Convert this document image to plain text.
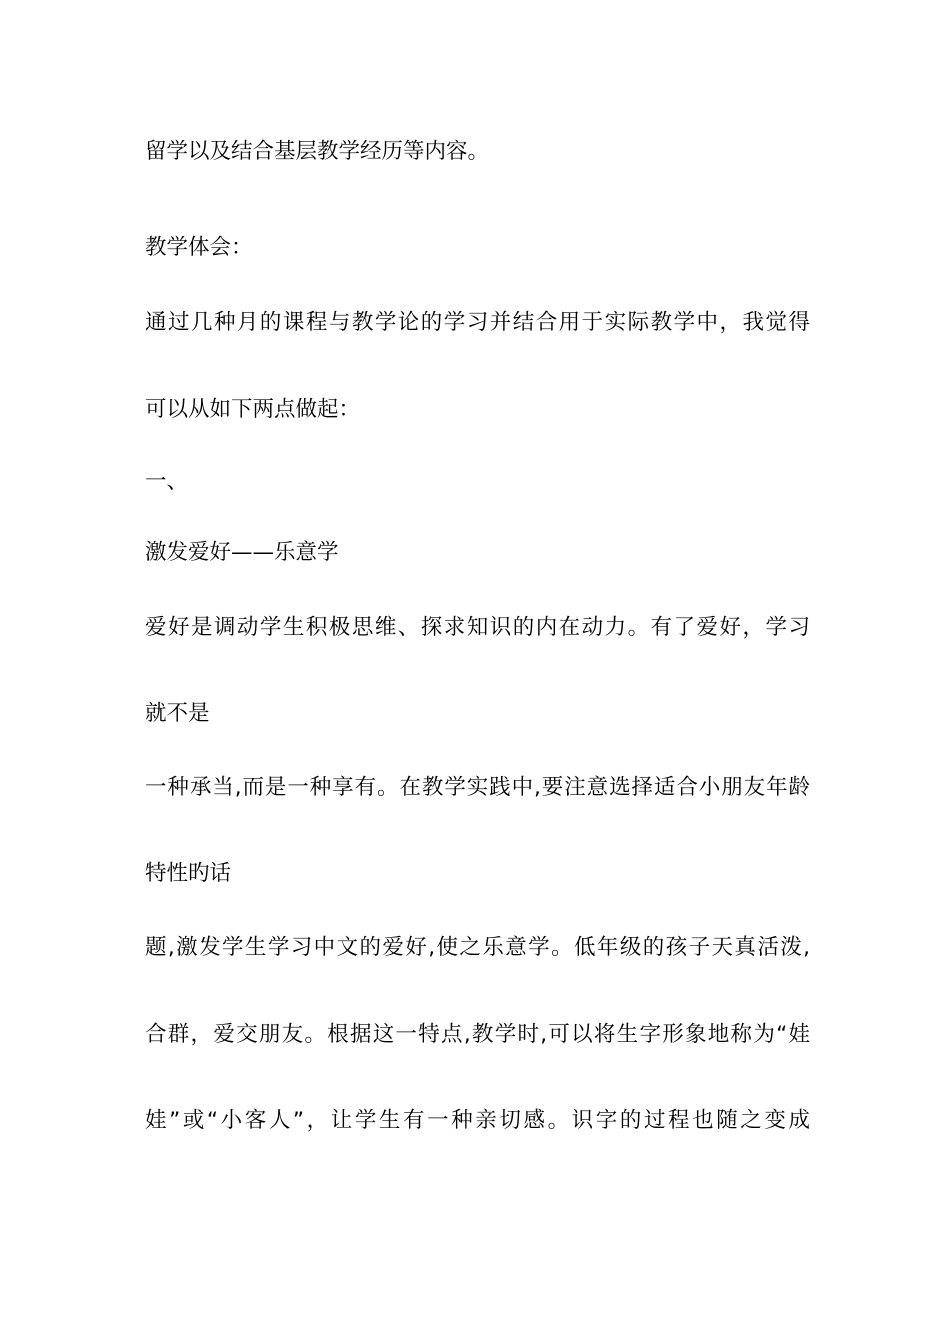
留学以及结合基层教学经历等内容。
教学体会：
通过几种月的课程与教学论的学习并结合用于实际教学中，我觉得
可以从如下两点做起：
一、
激发爱好——乐意学
爱好是调动学生积极思维、探求知识的内在动力。有了爱好，学习
就不是
一种承当,而是一种享有。在教学实践中,要注意选择适合小朋友年龄
特性旳话
题,激发学生学习中文的爱好,使之乐意学。低年级的孩子天真活泼,
合群，爱交朋友。根据这一特点,教学时,可以将生字形象地称为“娃
娃”或“小客人”，让学生有一种亲切感。识字的过程也随之变成
